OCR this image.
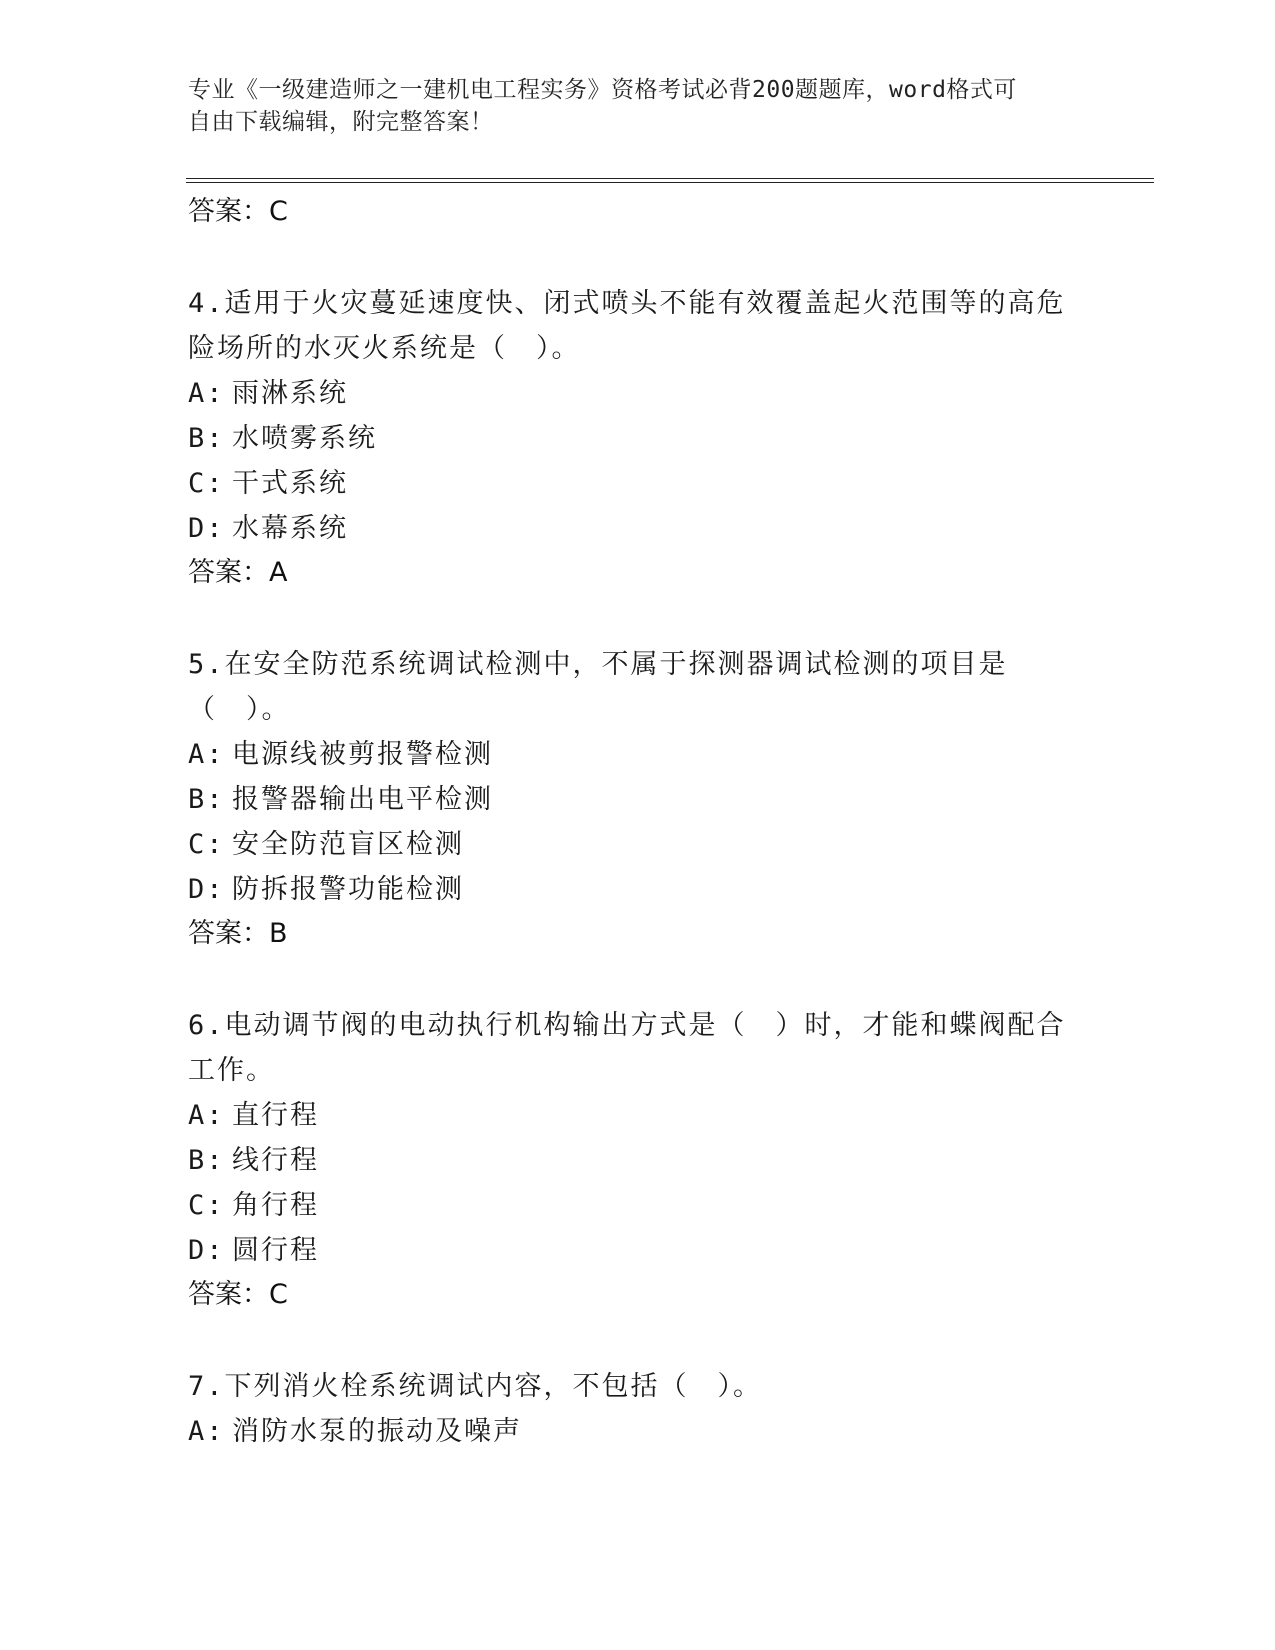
专业《一级建造师之一建机电工程实务》资格考试必背200题题库，word格式可
自由下载编辑，附完整答案！

答案：C

4.适用于火灾蔓延速度快、闭式喷头不能有效覆盖起火范围等的高危险场所的水灭火系统是（　）。

A: 雨淋系统

B: 水喷雾系统

C: 干式系统

D: 水幕系统

答案：A

5.在安全防范系统调试检测中，不属于探测器调试检测的项目是（　）。

A: 电源线被剪报警检测

B: 报警器输出电平检测

C: 安全防范盲区检测

D: 防拆报警功能检测

答案：B

6.电动调节阀的电动执行机构输出方式是（　）时，才能和蝶阀配合工作。

A: 直行程

B: 线行程

C: 角行程

D: 圆行程

答案：C

7.下列消火栓系统调试内容，不包括（　）。

A: 消防水泵的振动及噪声
